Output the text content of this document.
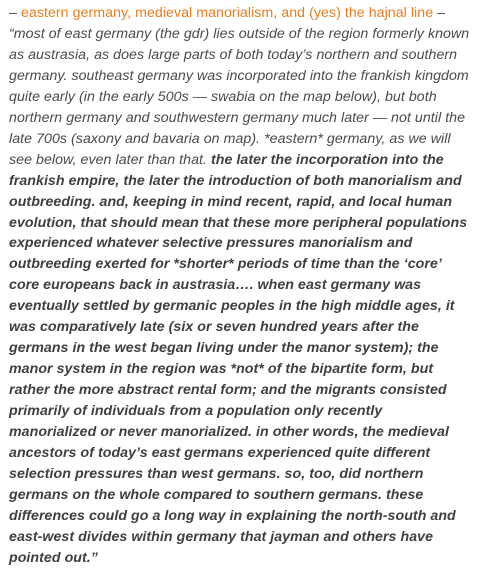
– eastern germany, medieval manorialism, and (yes) the hajnal line – “most of east germany (the gdr) lies outside of the region formerly known as austrasia, as does large parts of both today’s northern and southern germany. southeast germany was incorporated into the frankish kingdom quite early (in the early 500s — swabia on the map below), but both northern germany and southwestern germany much later — not until the late 700s (saxony and bavaria on map). *eastern* germany, as we will see below, even later than that. the later the incorporation into the frankish empire, the later the introduction of both manorialism and outbreeding. and, keeping in mind recent, rapid, and local human evolution, that should mean that these more peripheral populations experienced whatever selective pressures manorialism and outbreeding exerted for *shorter* periods of time than the ‘core’ core europeans back in austrasia…. when east germany was eventually settled by germanic peoples in the high middle ages, it was comparatively late (six or seven hundred years after the germans in the west began living under the manor system); the manor system in the region was *not* of the bipartite form, but rather the more abstract rental form; and the migrants consisted primarily of individuals from a population only recently manorialized or never manorialized. in other words, the medieval ancestors of today’s east germans experienced quite different selection pressures than west germans. so, too, did northern germans on the whole compared to southern germans. these differences could go a long way in explaining the north-south and east-west divides within germany that jayman and others have pointed out.”
